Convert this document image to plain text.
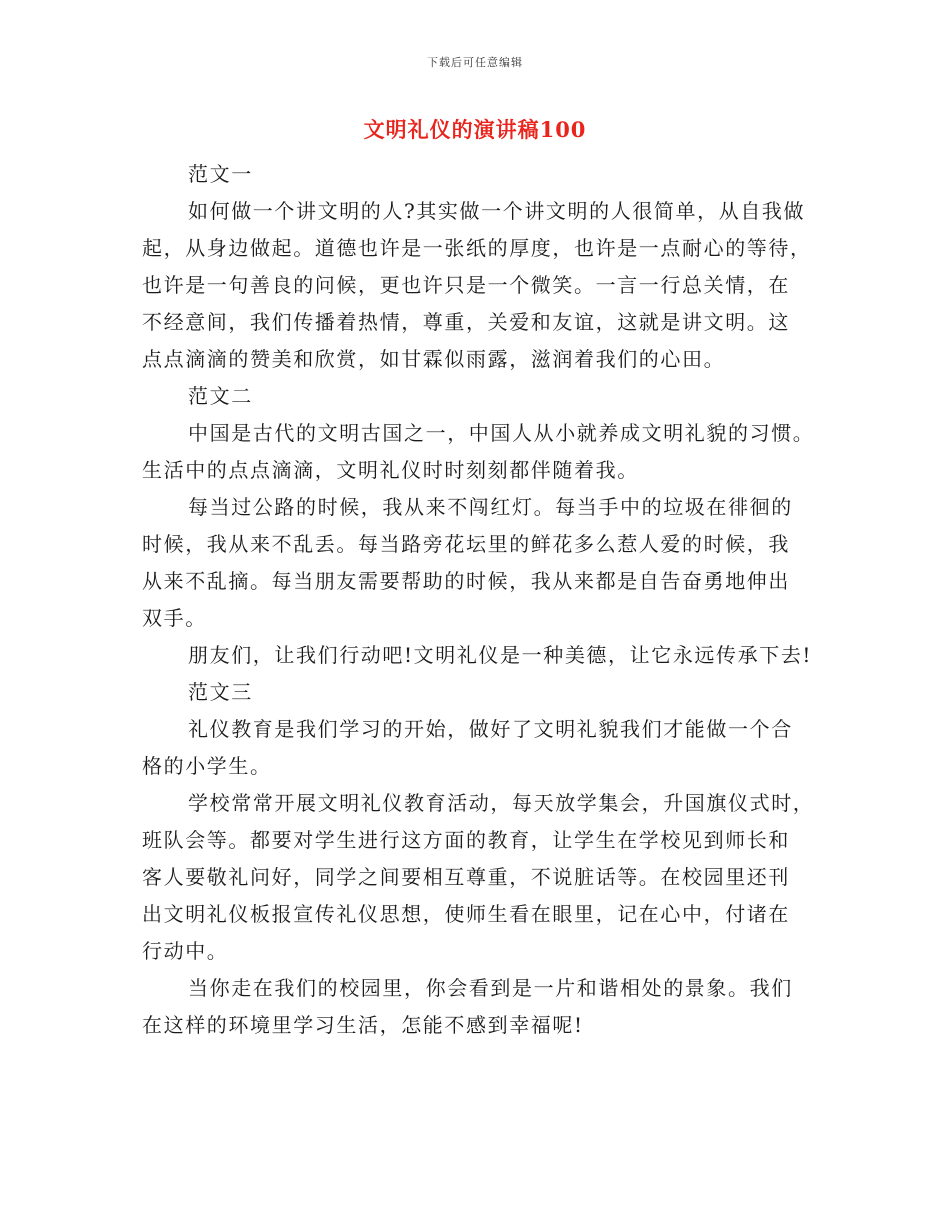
下载后可任意编辑
文明礼仪的演讲稿100
范文一
如何做一个讲文明的人?其实做一个讲文明的人很简单，从自我做
起，从身边做起。道德也许是一张纸的厚度，也许是一点耐心的等待，
也许是一句善良的问候，更也许只是一个微笑。一言一行总关情，在
不经意间，我们传播着热情，尊重，关爱和友谊，这就是讲文明。这
点点滴滴的赞美和欣赏，如甘霖似雨露，滋润着我们的心田。
范文二
中国是古代的文明古国之一，中国人从小就养成文明礼貌的习惯。
生活中的点点滴滴，文明礼仪时时刻刻都伴随着我。
每当过公路的时候，我从来不闯红灯。每当手中的垃圾在徘徊的
时候，我从来不乱丢。每当路旁花坛里的鲜花多么惹人爱的时候，我
从来不乱摘。每当朋友需要帮助的时候，我从来都是自告奋勇地伸出
双手。
朋友们，让我们行动吧!文明礼仪是一种美德，让它永远传承下去!
范文三
礼仪教育是我们学习的开始，做好了文明礼貌我们才能做一个合
格的小学生。
学校常常开展文明礼仪教育活动，每天放学集会，升国旗仪式时，
班队会等。都要对学生进行这方面的教育，让学生在学校见到师长和
客人要敬礼问好，同学之间要相互尊重，不说脏话等。在校园里还刊
出文明礼仪板报宣传礼仪思想，使师生看在眼里，记在心中，付诸在
行动中。
当你走在我们的校园里，你会看到是一片和谐相处的景象。我们
在这样的环境里学习生活，怎能不感到幸福呢!
